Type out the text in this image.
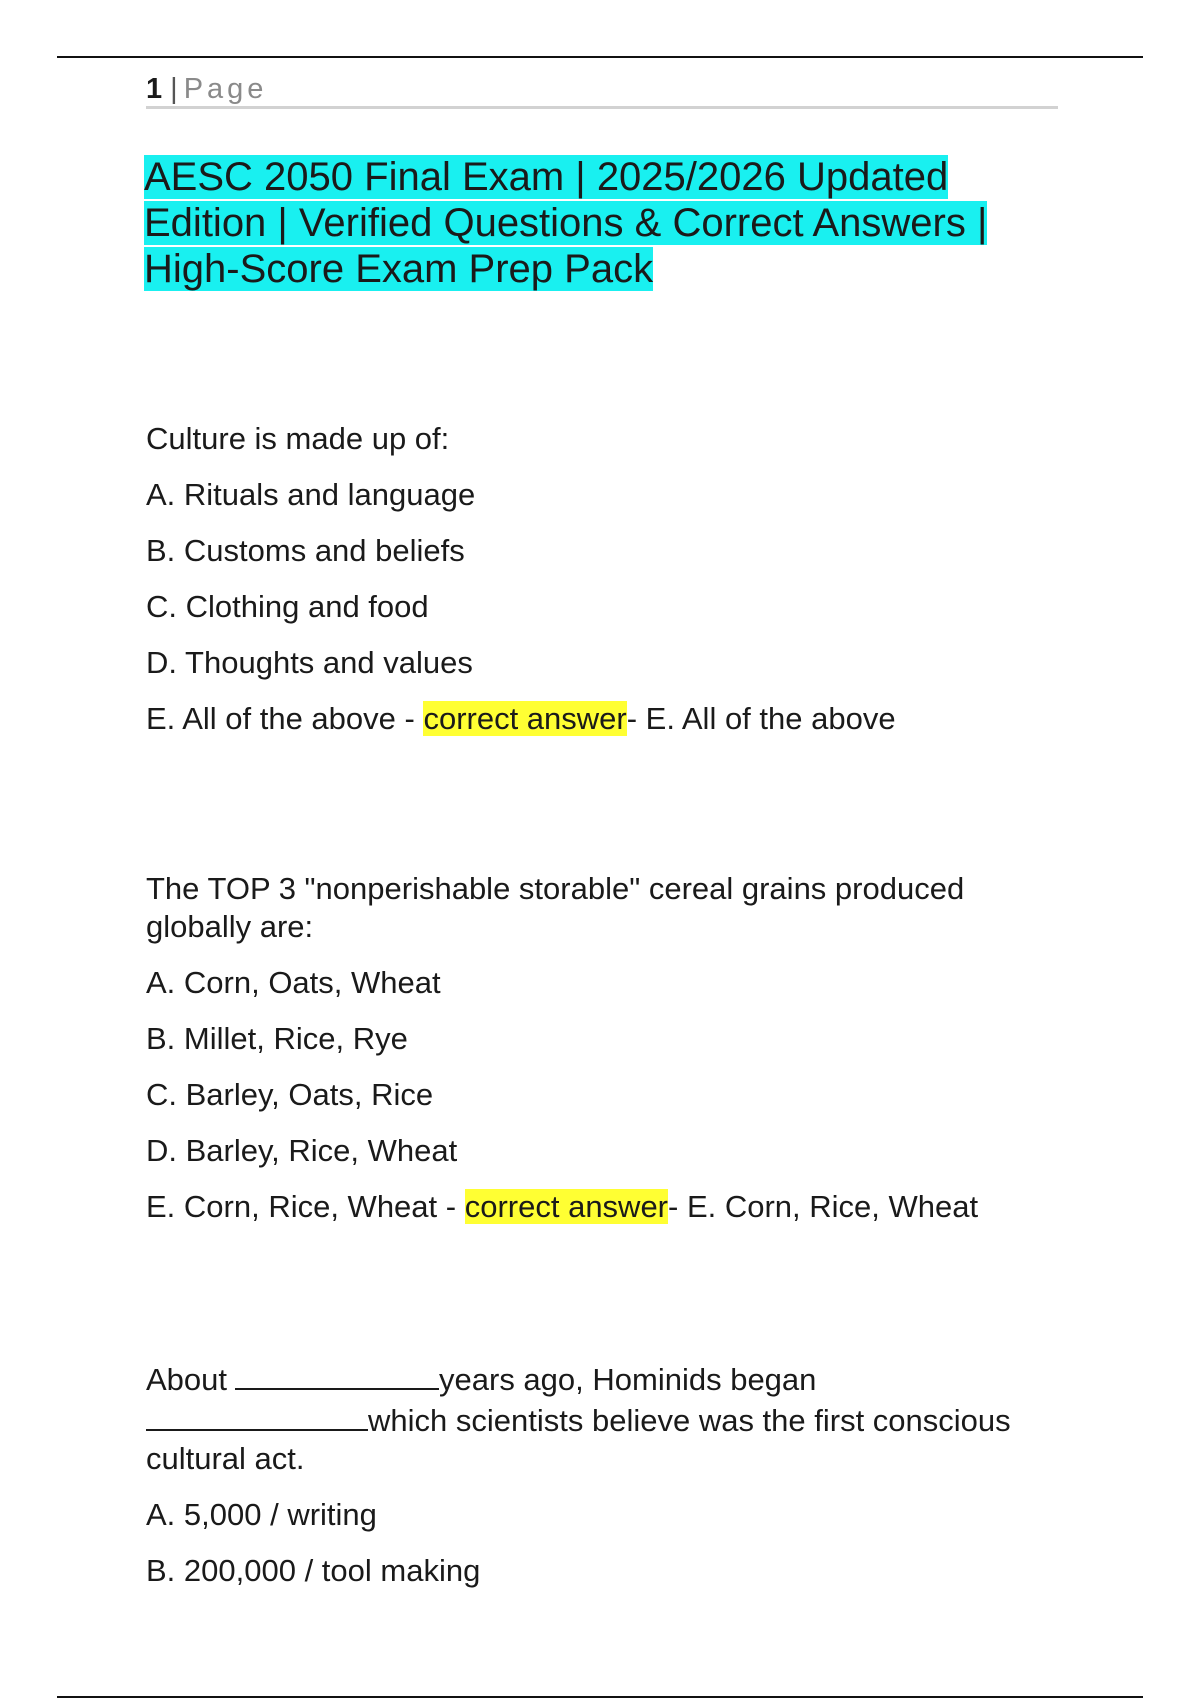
1 | Page
AESC 2050 Final Exam | 2025/2026 Updated Edition | Verified Questions & Correct Answers | High-Score Exam Prep Pack

Culture is made up of:

A. Rituals and language

B. Customs and beliefs

C. Clothing and food

D. Thoughts and values

E. All of the above - correct answer- E. All of the above

The TOP 3 "nonperishable storable" cereal grains produced globally are:

A. Corn, Oats, Wheat

B. Millet, Rice, Rye

C. Barley, Oats, Rice

D. Barley, Rice, Wheat

E. Corn, Rice, Wheat - correct answer- E. Corn, Rice, Wheat

About	years ago, Hominids began
which scientists believe was the first conscious cultural act.

A. 5,000 / writing

B. 200,000 / tool making
